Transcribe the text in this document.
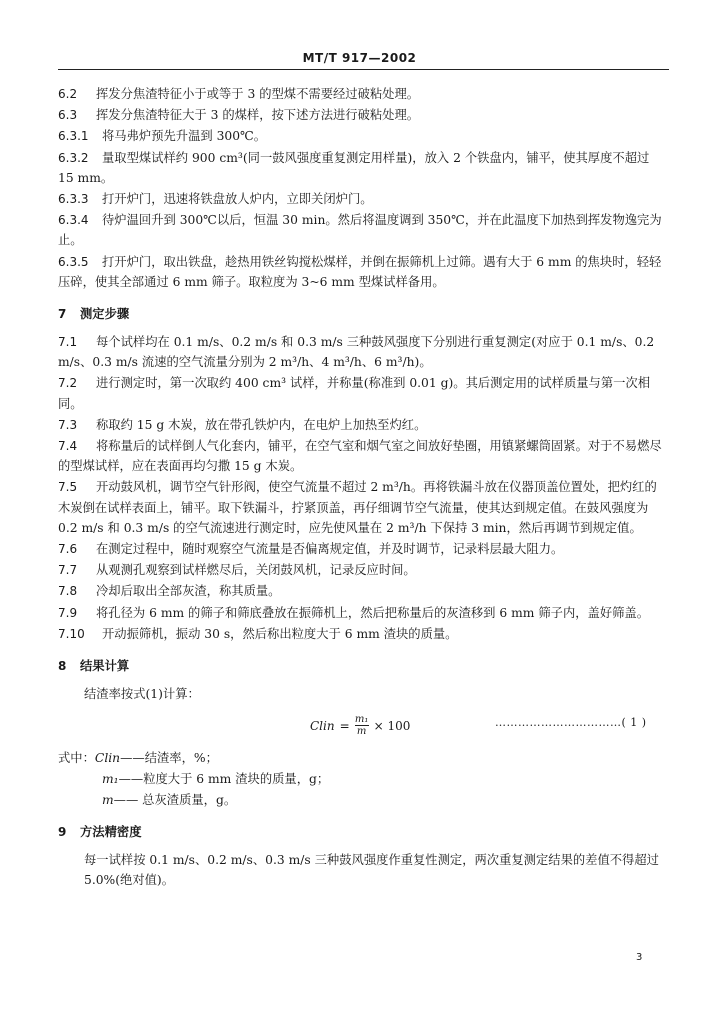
MT/T 917—2002
6.2 挥发分焦渣特征小于或等于 3 的型煤不需要经过破粘处理。
6.3 挥发分焦渣特征大于 3 的煤样，按下述方法进行破粘处理。
6.3.1 将马弗炉预先升温到 300℃。
6.3.2 量取型煤试样约 900 cm³(同一鼓风强度重复测定用样量)，放入 2 个铁盘内，铺平，使其厚度不超过 15 mm。
6.3.3 打开炉门，迅速将铁盘放人炉内，立即关闭炉门。
6.3.4 待炉温回升到 300℃以后，恒温 30 min。然后将温度调到 350℃，并在此温度下加热到挥发物逸完为止。
6.3.5 打开炉门，取出铁盘，趁热用铁丝钩搅松煤样，并倒在振筛机上过筛。遇有大于 6 mm 的焦块时，轻轻压碎，使其全部通过 6 mm 筛子。取粒度为 3~6 mm 型煤试样备用。
7 测定步骤
7.1 每个试样均在 0.1 m/s、0.2 m/s 和 0.3 m/s 三种鼓风强度下分别进行重复测定(对应于 0.1 m/s、0.2 m/s、0.3 m/s 流速的空气流量分别为 2 m³/h、4 m³/h、6 m³/h)。
7.2 进行测定时，第一次取约 400 cm³ 试样，并称量(称准到 0.01 g)。其后测定用的试样质量与第一次相同。
7.3 称取约 15 g 木炭，放在带孔铁炉内，在电炉上加热至灼红。
7.4 将称量后的试样倒人气化套内，铺平，在空气室和烟气室之间放好垫圈，用镇紧螺筒固紧。对于不易燃尽的型煤试样，应在表面再均匀撒 15 g 木炭。
7.5 开动鼓风机，调节空气针形阀，使空气流量不超过 2 m³/h。再将铁漏斗放在仪器顶盖位置处，把灼红的木炭倒在试样表面上，铺平。取下铁漏斗，拧紧顶盖，再仔细调节空气流量，使其达到规定值。在鼓风强度为 0.2 m/s 和 0.3 m/s 的空气流速进行测定时，应先使风量在 2 m³/h 下保持 3 min，然后再调节到规定值。
7.6 在测定过程中，随时观察空气流量是否偏离规定值，并及时调节，记录料层最大阻力。
7.7 从观测孔观察到试样燃尽后，关闭鼓风机，记录反应时间。
7.8 冷却后取出全部灰渣，称其质量。
7.9 将孔径为 6 mm 的筛子和筛底叠放在振筛机上，然后把称量后的灰渣移到 6 mm 筛子内，盖好筛盖。
7.10 开动振筛机，振动 30 s，然后称出粒度大于 6 mm 渣块的质量。
8 结果计算
结渣率按式(1)计算：
Clin = $\frac{\text{m₁}}{m} \times 100$	……………………………( 1 )
式中：Clin——结渣率，%；
m₁——粒度大于 6 mm 渣块的质量，g；
m—— 总灰渣质量，g。
9 方法精密度
每一试样按 0.1 m/s、0.2 m/s、0.3 m/s 三种鼓风强度作重复性测定，两次重复测定结果的差值不得超过 5.0%(绝对值)。
3
